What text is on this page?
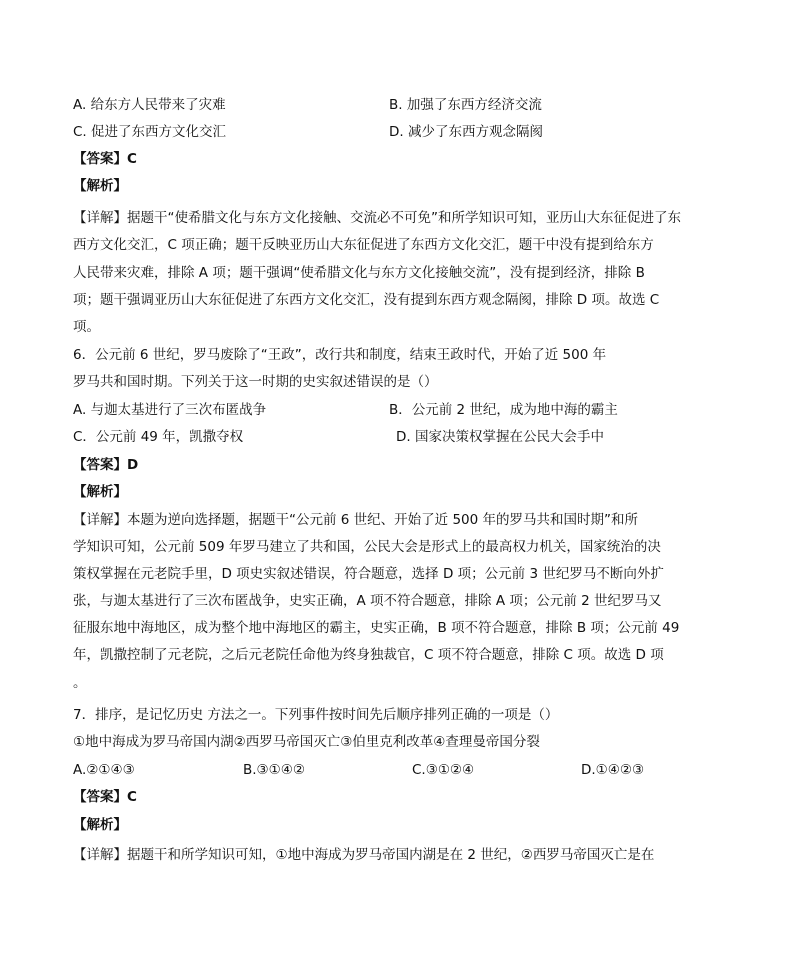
A. 给东方人民带来了灾难	B. 加强了东西方经济交流
C. 促进了东西方文化交汇	D. 减少了东西方观念隔阂
【答案】C
【解析】
【详解】据题干“使希腊文化与东方文化接触、交流必不可免”和所学知识可知，亚历山大东征促进了东
西方文化交汇，C 项正确；题干反映亚历山大东征促进了东西方文化交汇，题干中没有提到给东方
人民带来灾难，排除 A 项；题干强调“使希腊文化与东方文化接触交流”，没有提到经济，排除 B
项；题干强调亚历山大东征促进了东西方文化交汇，没有提到东西方观念隔阂，排除 D 项。故选 C
项。
6．公元前 6 世纪，罗马废除了“王政”，改行共和制度，结束王政时代，开始了近 500 年
罗马共和国时期。下列关于这一时期的史实叙述错误的是（）
A. 与迦太基进行了三次布匿战争	B．公元前 2 世纪，成为地中海的霸主
C．公元前 49 年，凯撒夺权	D. 国家决策权掌握在公民大会手中
【答案】D
【解析】
【详解】本题为逆向选择题，据题干“公元前 6 世纪、开始了近 500 年的罗马共和国时期”和所
学知识可知，公元前 509 年罗马建立了共和国，公民大会是形式上的最高权力机关，国家统治的决
策权掌握在元老院手里，D 项史实叙述错误，符合题意，选择 D 项；公元前 3 世纪罗马不断向外扩
张，与迦太基进行了三次布匿战争，史实正确，A 项不符合题意，排除 A 项；公元前 2 世纪罗马又
征服东地中海地区，成为整个地中海地区的霸主，史实正确，B 项不符合题意，排除 B 项；公元前 49
年，凯撒控制了元老院，之后元老院任命他为终身独裁官，C 项不符合题意，排除 C 项。故选 D 项
。
7．排序，是记忆历史 方法之一。下列事件按时间先后顺序排列正确的一项是（）
①地中海成为罗马帝国内湖②西罗马帝国灭亡③伯里克利改革④查理曼帝国分裂
A.②①④③	B.③①④②	C.③①②④	D.①④②③
【答案】C
【解析】
【详解】据题干和所学知识可知，①地中海成为罗马帝国内湖是在 2 世纪，②西罗马帝国灭亡是在
